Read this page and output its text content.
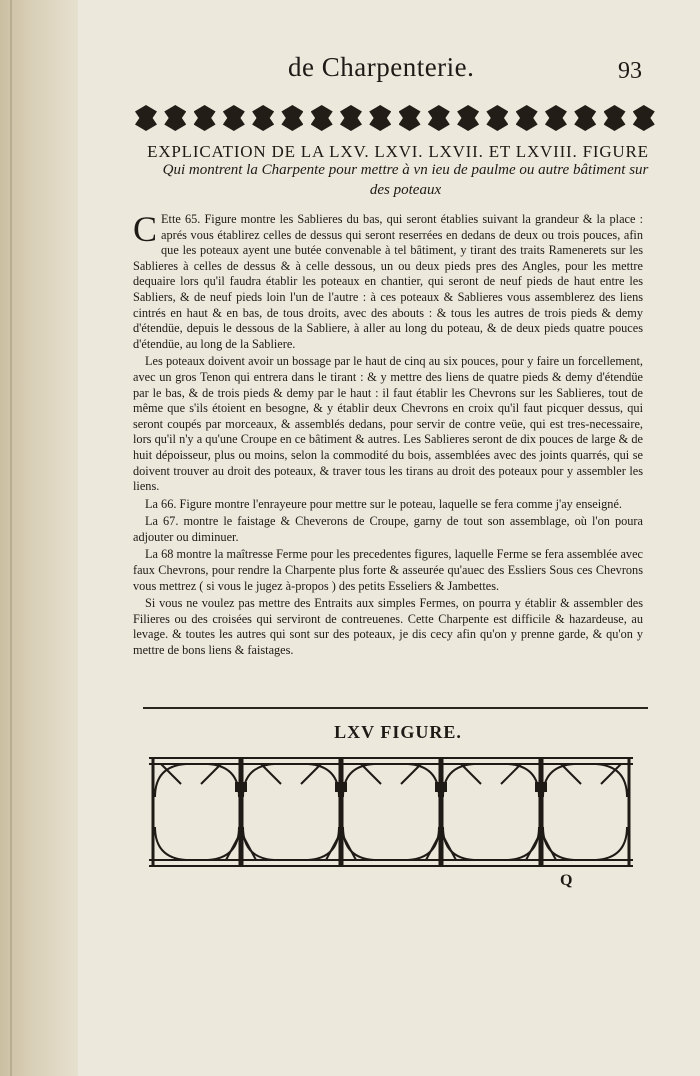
de Charpenterie.	93
EXPLICATION DE LA LXV. LXVI. LXVII. ET LXVIII. FIGURE
Qui montrent la Charpente pour mettre à vn ieu de paulme ou autre bâtiment sur des poteaux

C Ette 65. Figure montre les Sablieres du bas, qui seront établies suivant la grandeur & la place : aprés vous établirez celles de dessus qui seront reserrées en dedans de deux ou trois pouces, afin que les poteaux ayent une butée convenable à tel bâtiment, y tirant des traits Ramenerets sur les Sablieres à celles de dessus & à celle dessous, un ou deux pieds pres des Angles, pour les mettre dequaire lors qu'il faudra établir les poteaux en chantier, qui seront de neuf pieds de haut entre les Sabliers, & de neuf pieds loin l'un de l'autre : à ces poteaux & Sablieres vous assemblerez des liens cintrés en haut & en bas, de tous droits, avec des abouts : & tous les autres de trois pieds & demy d'étendüe, depuis le dessous de la Sabliere, à aller au long du poteau, & de deux pieds quatre pouces d'étendüe, au long de la Sabliere.

Les poteaux doivent avoir un bossage par le haut de cinq au six pouces, pour y faire un forcellement, avec un gros Tenon qui entrera dans le tirant : & y mettre des liens de quatre pieds & demy d'étendüe par le bas, & de trois pieds & demy par le haut : il faut établir les Chevrons sur les Sablieres, tout de même que s'ils étoient en besogne, & y établir deux Chevrons en croix qu'il faut picquer dessus, qui seront coupés par morceaux, & assemblés dedans, pour servir de contre veüe, qui est tres-necessaire, lors qu'il n'y a qu'une Croupe en ce bâtiment & autres. Les Sablieres seront de dix pouces de large & de huit dépoisseur, plus ou moins, selon la commodité du bois, assemblées avec des joints quarrés, qui se doivent trouver au droit des poteaux, & traver tous les tirans au droit des poteaux pour y assembler les liens.

La 66. Figure montre l'enrayeure pour mettre sur le poteau, laquelle se fera comme j'ay enseigné.

La 67. montre le faistage & Cheverons de Croupe, garny de tout son assemblage, où l'on poura adjouter ou diminuer.

La 68 montre la maîtresse Ferme pour les precedentes figures, laquelle Ferme se fera assemblée avec faux Chevrons, pour rendre la Charpente plus forte & asseurée qu'auec des Essliers Sous ces Chevrons vous mettrez ( si vous le jugez à-propos ) des petits Esseliers & Jambettes.

Si vous ne voulez pas mettre des Entraits aux simples Fermes, on pourra y établir & assembler des Filieres ou des croisées qui serviront de contreuenes. Cette Charpente est difficile & hazardeuse, au levage. & toutes les autres qui sont sur des poteaux, je dis cecy afin qu'on y prenne garde, & qu'on y mettre de bons liens & faistages.

LXV FIGURE.
Q
